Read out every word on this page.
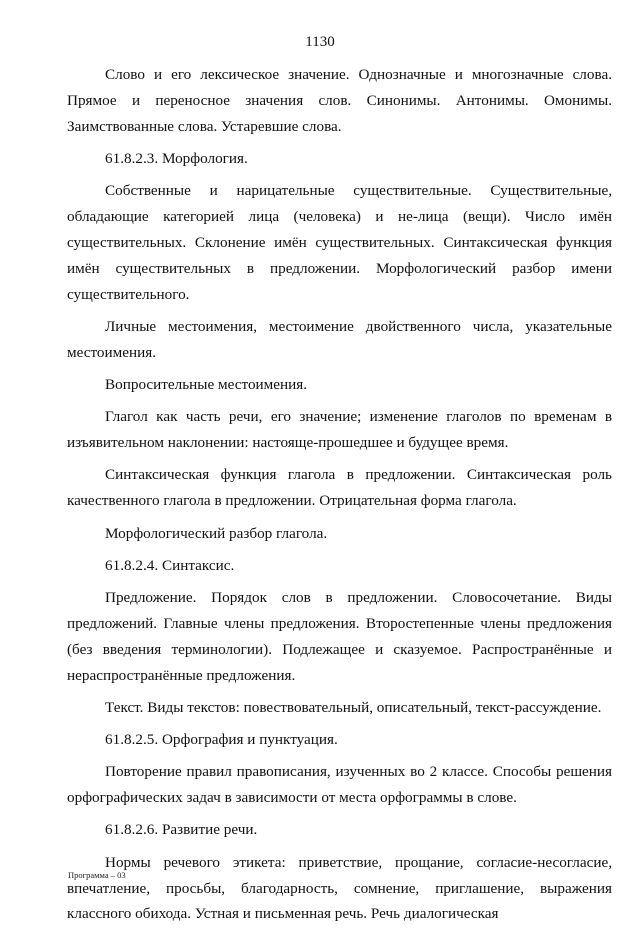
1130

Слово и его лексическое значение. Однозначные и многозначные слова. Прямое и переносное значения слов. Синонимы. Антонимы. Омонимы. Заимствованные слова. Устаревшие слова.

61.8.2.3. Морфология.

Собственные и нарицательные существительные. Существительные, обладающие категорией лица (человека) и не-лица (вещи). Число имён существительных. Склонение имён существительных. Синтаксическая функция имён существительных в предложении. Морфологический разбор имени существительного.

Личные местоимения, местоимение двойственного числа, указательные местоимения.

Вопросительные местоимения.

Глагол как часть речи, его значение; изменение глаголов по временам в изъявительном наклонении: настояще-прошедшее и будущее время.

Синтаксическая функция глагола в предложении. Синтаксическая роль качественного глагола в предложении. Отрицательная форма глагола.

Морфологический разбор глагола.

61.8.2.4. Синтаксис.

Предложение. Порядок слов в предложении. Словосочетание. Виды предложений. Главные члены предложения. Второстепенные члены предложения (без введения терминологии). Подлежащее и сказуемое. Распространённые и нераспространённые предложения.

Текст. Виды текстов: повествовательный, описательный, текст-рассуждение.

61.8.2.5. Орфография и пунктуация.

Повторение правил правописания, изученных во 2 классе. Способы решения орфографических задач в зависимости от места орфограммы в слове.

61.8.2.6. Развитие речи.

Нормы речевого этикета: приветствие, прощание, согласие-несогласие, впечатление, просьбы, благодарность, сомнение, приглашение, выражения классного обихода. Устная и письменная речь. Речь диалогическая

Программа – 03
